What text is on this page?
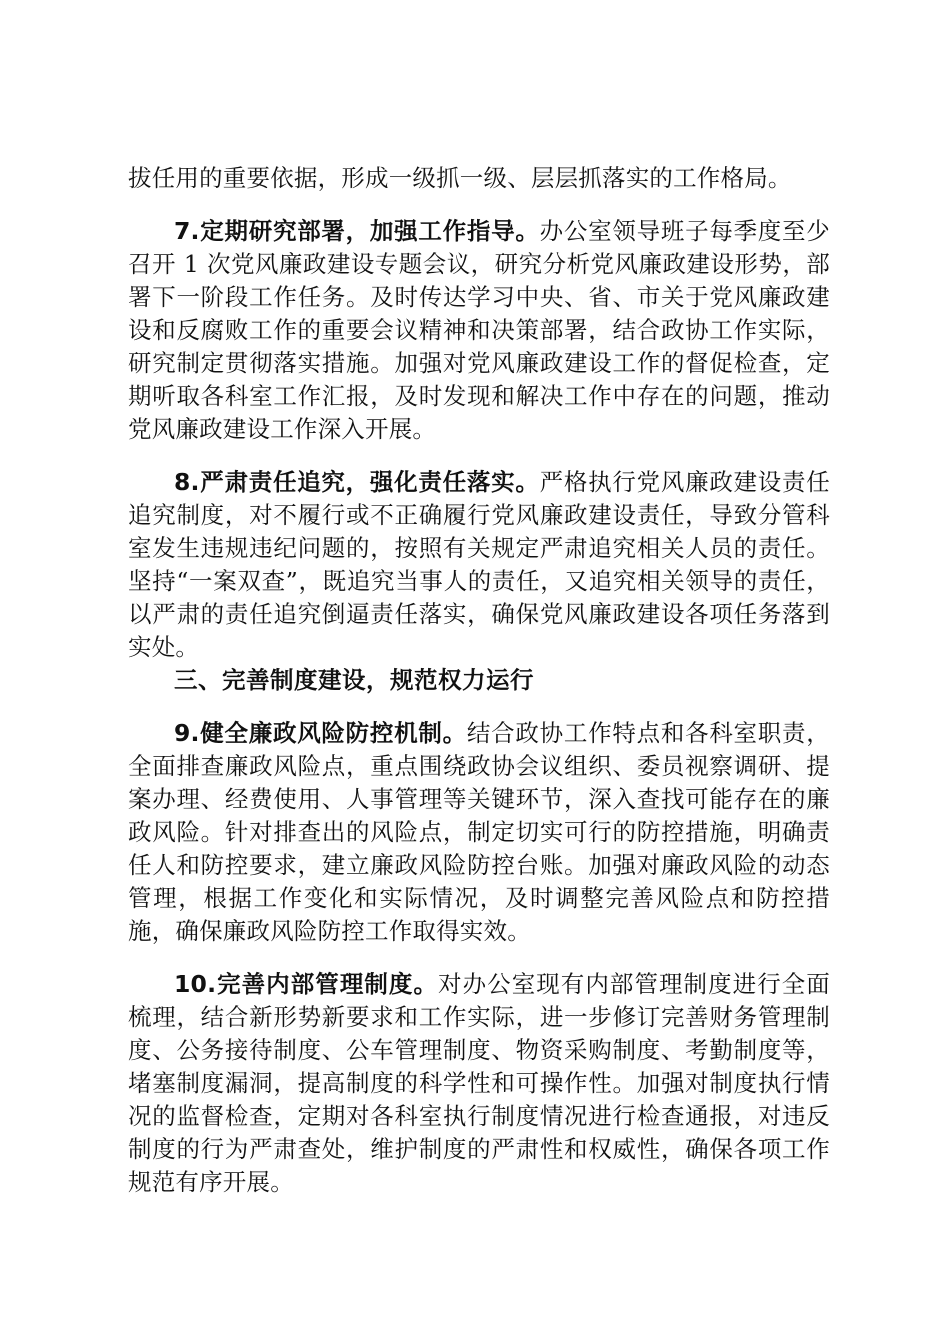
拔任用的重要依据，形成一级抓一级、层层抓落实的工作格局。

7.定期研究部署，加强工作指导。办公室领导班子每季度至少召开 1 次党风廉政建设专题会议，研究分析党风廉政建设形势，部署下一阶段工作任务。及时传达学习中央、省、市关于党风廉政建设和反腐败工作的重要会议精神和决策部署，结合政协工作实际，研究制定贯彻落实措施。加强对党风廉政建设工作的督促检查，定期听取各科室工作汇报，及时发现和解决工作中存在的问题，推动党风廉政建设工作深入开展。

8.严肃责任追究，强化责任落实。严格执行党风廉政建设责任追究制度，对不履行或不正确履行党风廉政建设责任，导致分管科室发生违规违纪问题的，按照有关规定严肃追究相关人员的责任。坚持“一案双查”，既追究当事人的责任，又追究相关领导的责任，以严肃的责任追究倒逼责任落实，确保党风廉政建设各项任务落到实处。

三、完善制度建设，规范权力运行

9.健全廉政风险防控机制。结合政协工作特点和各科室职责，全面排查廉政风险点，重点围绕政协会议组织、委员视察调研、提案办理、经费使用、人事管理等关键环节，深入查找可能存在的廉政风险。针对排查出的风险点，制定切实可行的防控措施，明确责任人和防控要求，建立廉政风险防控台账。加强对廉政风险的动态管理，根据工作变化和实际情况，及时调整完善风险点和防控措施，确保廉政风险防控工作取得实效。

10.完善内部管理制度。对办公室现有内部管理制度进行全面梳理，结合新形势新要求和工作实际，进一步修订完善财务管理制度、公务接待制度、公车管理制度、物资采购制度、考勤制度等，堵塞制度漏洞，提高制度的科学性和可操作性。加强对制度执行情况的监督检查，定期对各科室执行制度情况进行检查通报，对违反制度的行为严肃查处，维护制度的严肃性和权威性，确保各项工作规范有序开展。
